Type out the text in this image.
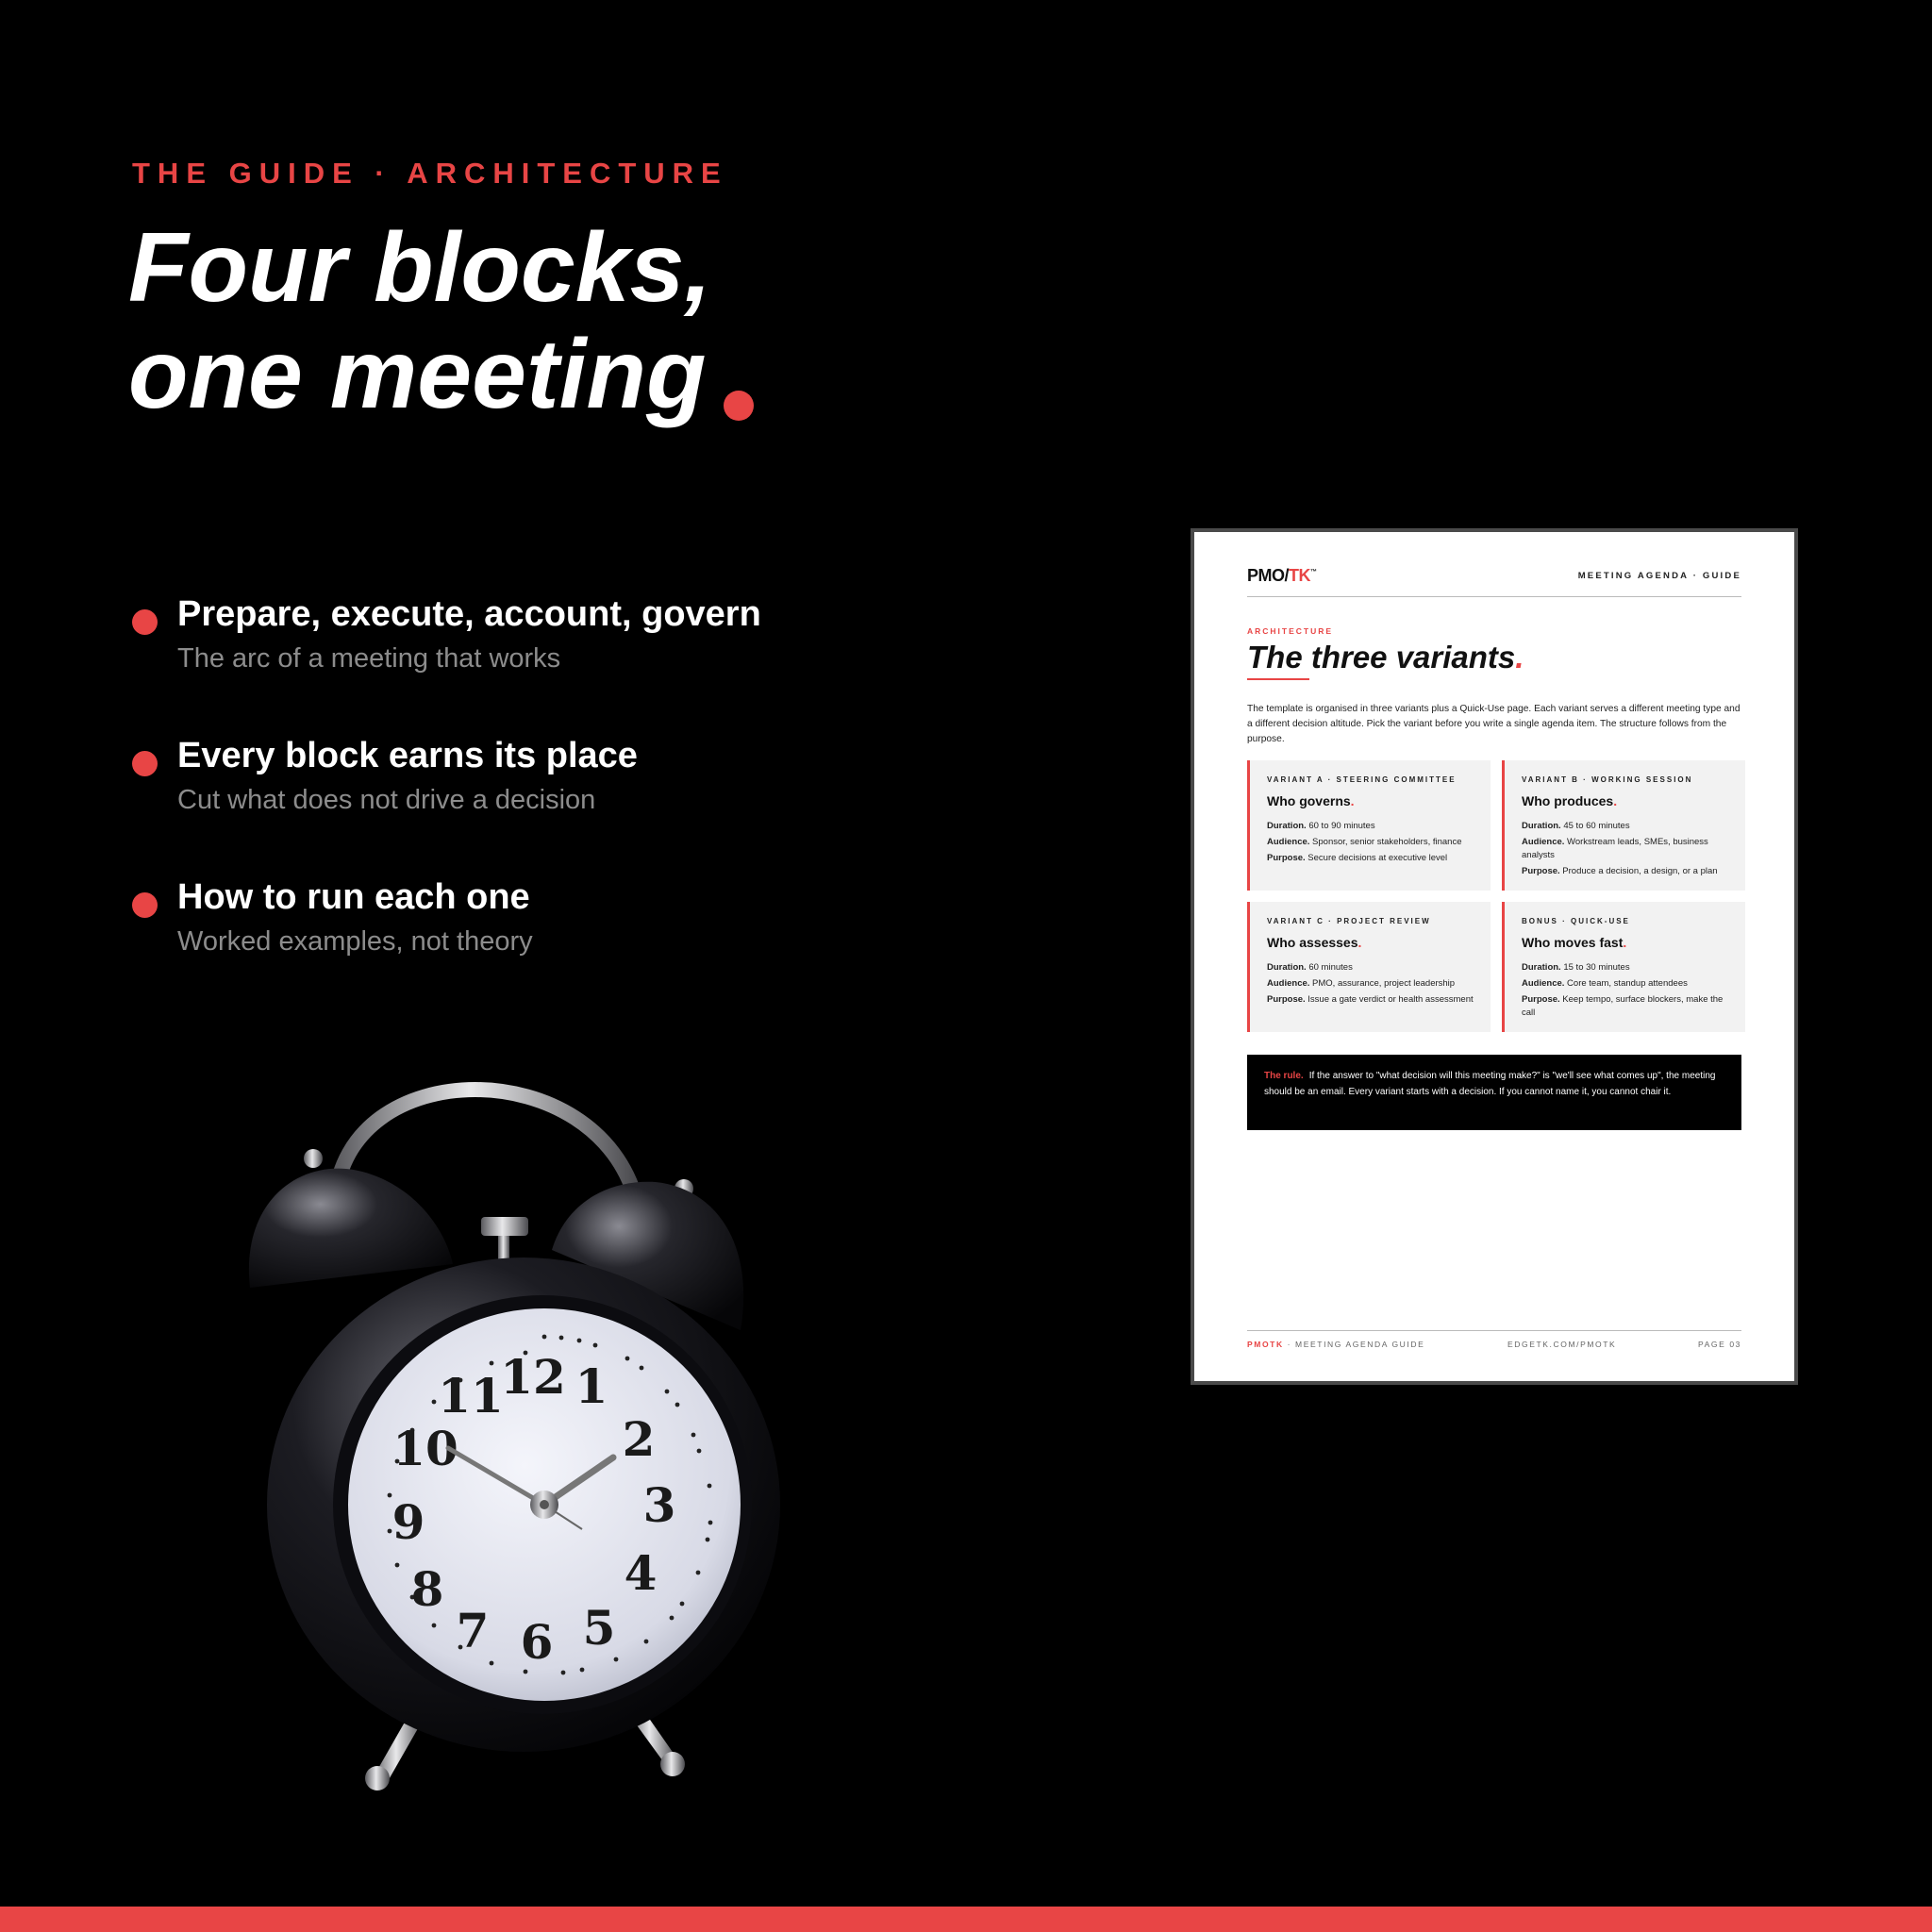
THE GUIDE · ARCHITECTURE
Four blocks,
one meeting
Prepare, execute, account, govern
The arc of a meeting that works
Every block earns its place
Cut what does not drive a decision
How to run each one
Worked examples, not theory
12 1
2
3
4
5
6
7
8
9
10
11
PMO/TK™	MEETING AGENDA · GUIDE
ARCHITECTURE
The three variants.
The template is organised in three variants plus a Quick-Use page. Each variant serves a different meeting type and a different decision altitude. Pick the variant before you write a single agenda item. The structure follows from the purpose.
VARIANT A · STEERING COMMITTEE
Who governs.
Duration. 60 to 90 minutes
Audience. Sponsor, senior stakeholders, finance
Purpose. Secure decisions at executive level
VARIANT B · WORKING SESSION
Who produces.
Duration. 45 to 60 minutes
Audience. Workstream leads, SMEs, business analysts
Purpose. Produce a decision, a design, or a plan
VARIANT C · PROJECT REVIEW
Who assesses.
Duration. 60 minutes
Audience. PMO, assurance, project leadership
Purpose. Issue a gate verdict or health assessment
BONUS · QUICK-USE
Who moves fast.
Duration. 15 to 30 minutes
Audience. Core team, standup attendees
Purpose. Keep tempo, surface blockers, make the call
The rule. If the answer to "what decision will this meeting make?" is "we'll see what comes up", the meeting should be an email. Every variant starts with a decision. If you cannot name it, you cannot chair it.
PMOTK · MEETING AGENDA GUIDE	EDGETK.COM/PMOTK	PAGE 03
